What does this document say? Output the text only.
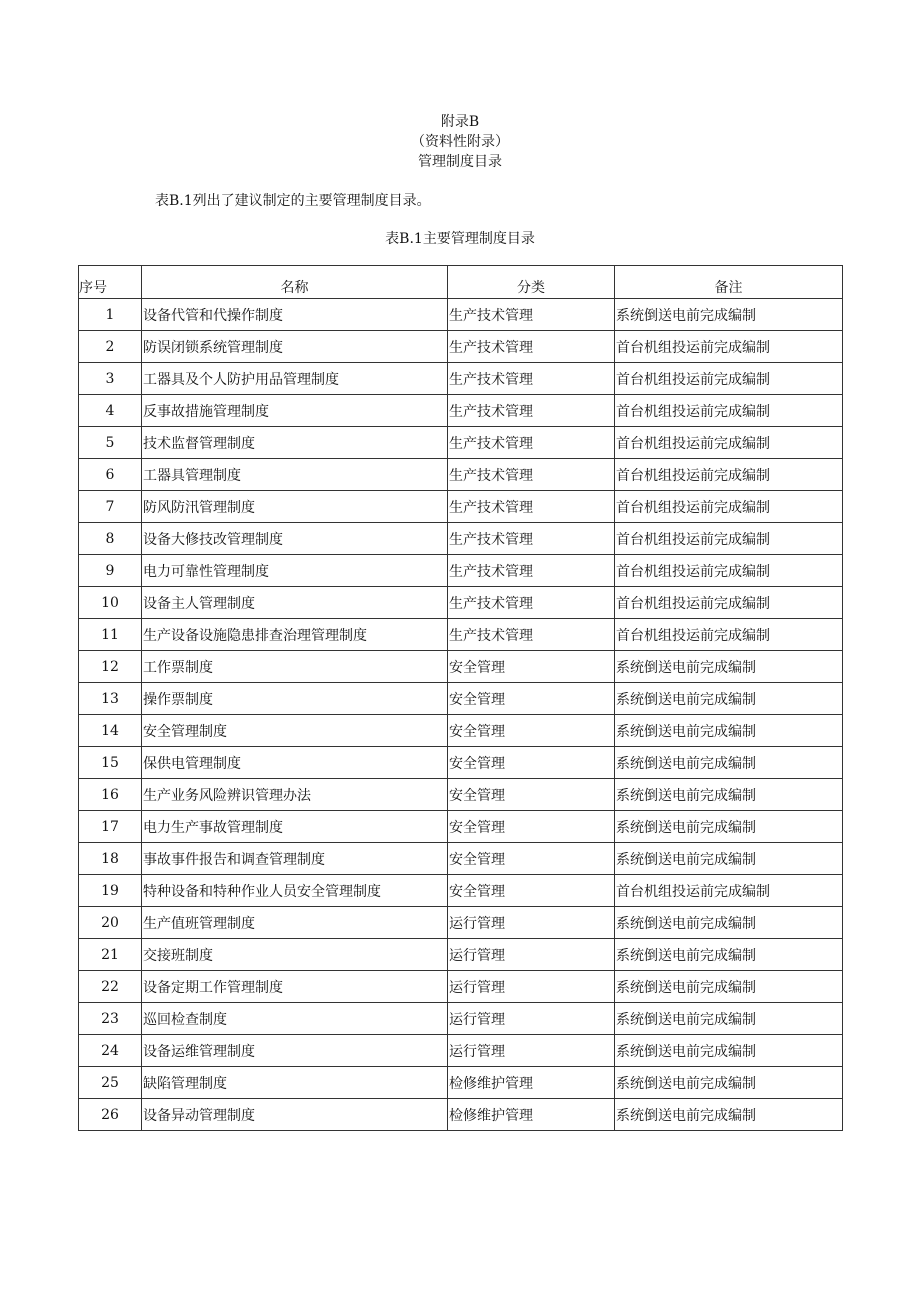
附录B
（资料性附录）
管理制度目录
表B.1列出了建议制定的主要管理制度目录。
表B.1主要管理制度目录
序号	名称	分类	备注
1	设备代管和代操作制度	生产技术管理	系统倒送电前完成编制
2	防误闭锁系统管理制度	生产技术管理	首台机组投运前完成编制
3	工器具及个人防护用品管理制度	生产技术管理	首台机组投运前完成编制
4	反事故措施管理制度	生产技术管理	首台机组投运前完成编制
5	技术监督管理制度	生产技术管理	首台机组投运前完成编制
6	工器具管理制度	生产技术管理	首台机组投运前完成编制
7	防风防汛管理制度	生产技术管理	首台机组投运前完成编制
8	设备大修技改管理制度	生产技术管理	首台机组投运前完成编制
9	电力可靠性管理制度	生产技术管理	首台机组投运前完成编制
10	设备主人管理制度	生产技术管理	首台机组投运前完成编制
11	生产设备设施隐患排查治理管理制度	生产技术管理	首台机组投运前完成编制
12	工作票制度	安全管理	系统倒送电前完成编制
13	操作票制度	安全管理	系统倒送电前完成编制
14	安全管理制度	安全管理	系统倒送电前完成编制
15	保供电管理制度	安全管理	系统倒送电前完成编制
16	生产业务风险辨识管理办法	安全管理	系统倒送电前完成编制
17	电力生产事故管理制度	安全管理	系统倒送电前完成编制
18	事故事件报告和调查管理制度	安全管理	系统倒送电前完成编制
19	特种设备和特种作业人员安全管理制度	安全管理	首台机组投运前完成编制
20	生产值班管理制度	运行管理	系统倒送电前完成编制
21	交接班制度	运行管理	系统倒送电前完成编制
22	设备定期工作管理制度	运行管理	系统倒送电前完成编制
23	巡回检查制度	运行管理	系统倒送电前完成编制
24	设备运维管理制度	运行管理	系统倒送电前完成编制
25	缺陷管理制度	检修维护管理	系统倒送电前完成编制
26	设备异动管理制度	检修维护管理	系统倒送电前完成编制
